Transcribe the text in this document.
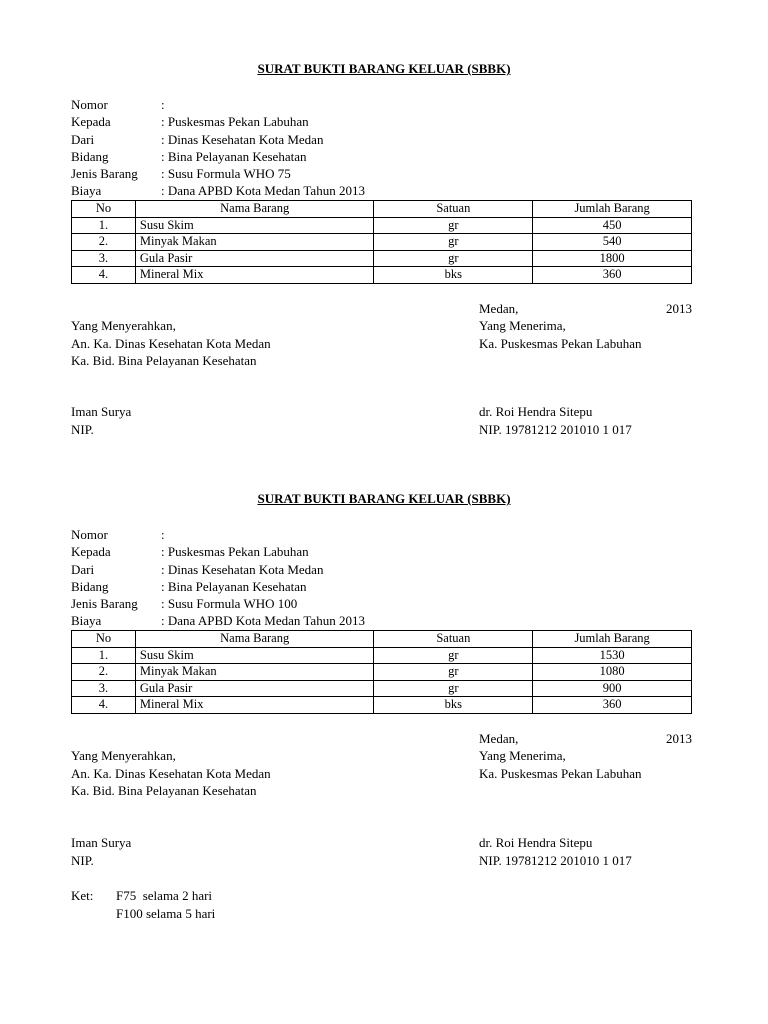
SURAT BUKTI BARANG KELUAR (SBBK)
Nomor	:
Kepada	: Puskesmas Pekan Labuhan
Dari	: Dinas Kesehatan Kota Medan
Bidang	: Bina Pelayanan Kesehatan
Jenis Barang : Susu Formula WHO 75
Biaya	: Dana APBD Kota Medan Tahun 2013
No	Nama Barang	Satuan	Jumlah Barang
1.	Susu Skim	gr	450
2.	Minyak Makan	gr	540
3.	Gula Pasir	gr	1800
4.	Mineral Mix	bks	360
Medan,	2013
Yang Menyerahkan,	Yang Menerima,
An. Ka. Dinas Kesehatan Kota Medan	Ka. Puskesmas Pekan Labuhan
Ka. Bid. Bina Pelayanan Kesehatan
Iman Surya	dr. Roi Hendra Sitepu
NIP.	NIP. 19781212 201010 1 017
SURAT BUKTI BARANG KELUAR (SBBK)
Nomor	:
Kepada	: Puskesmas Pekan Labuhan
Dari	: Dinas Kesehatan Kota Medan
Bidang	: Bina Pelayanan Kesehatan
Jenis Barang : Susu Formula WHO 100
Biaya	: Dana APBD Kota Medan Tahun 2013
No	Nama Barang	Satuan	Jumlah Barang
1.	Susu Skim	gr	1530
2.	Minyak Makan	gr	1080
3.	Gula Pasir	gr	900
4.	Mineral Mix	bks	360
Medan,	2013
Yang Menyerahkan,	Yang Menerima,
An. Ka. Dinas Kesehatan Kota Medan	Ka. Puskesmas Pekan Labuhan
Ka. Bid. Bina Pelayanan Kesehatan
Iman Surya	dr. Roi Hendra Sitepu
NIP.	NIP. 19781212 201010 1 017
Ket: F75  selama 2 hari
F100 selama 5 hari
